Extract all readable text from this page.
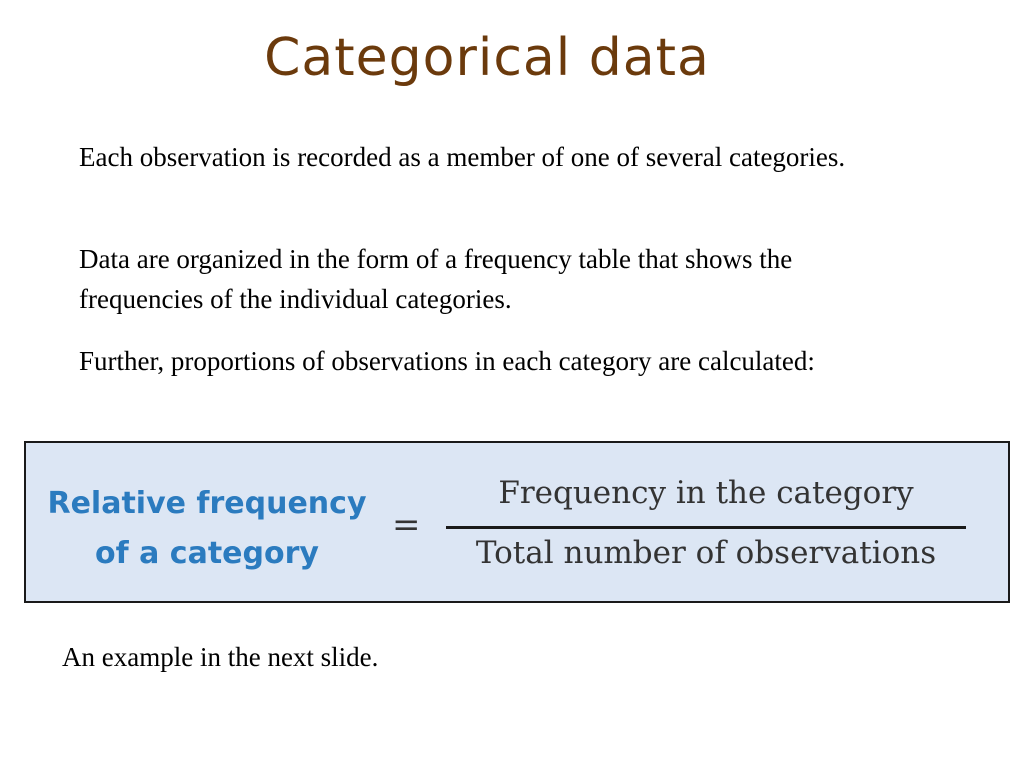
Categorical data

Each observation is recorded as a member of one of several categories.

Data are organized in the form of a frequency table that shows the frequencies of the individual categories.

Further, proportions of observations in each category are calculated:

Relative frequency
of a category
=
Frequency in the category
Total number of observations
An example in the next slide.
